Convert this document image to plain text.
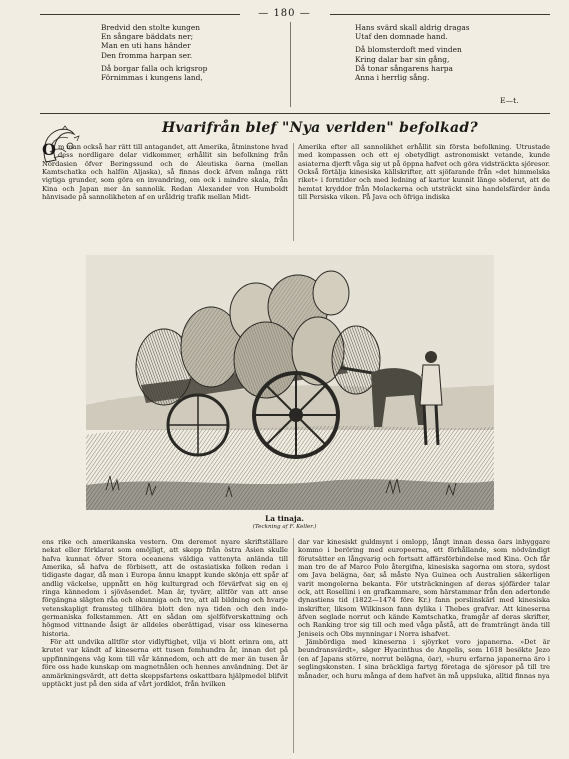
— 180 —
Bredvid den stolte kungen
En sångare bäddats ner;
Man en uti hans händer
Den fromma harpan ser.
Då borgar falla och krigsrop
Förnimmas i kungens land,
Hans svärd skall aldrig dragas
Utaf den domnade hand.
Då blomsterdoft med vinden
Kring dalar bar sin gång,
Då tonar sångarens harpa
Anna i herrlig sång.
E—t.
Hvarifrån blef "Nya verlden" befolkad?

Om man också har rätt till antagandet, att Amerika, åtminstone hvad dess nordligare delar vidkommer, erhållit sin befolkning från Nordasien öfver Beringssund och de Aleutiska öarna (mellan Kamtschatka och halfön Aljaska), så finnas dock äfven många rätt vigtiga grunder, som göra en invandring, om ock i mindre skala, från Kina och Japan mer än sannolik. Redan Alexander von Humboldt hänvisade på sannolikheten af en uråldrig trafik mellan Midt-

Amerika efter all sannolikhet erhållit sin första befolkning. Utrustade med kompassen och ett ej obetydligt astronomiskt vetande, kunde asiaterna djerft våga sig ut på öppna hafvet och göra vidsträckta sjöresor. Också förtälja kinesiska källskrifter, att sjöfarande från »det himmelska riket» i forntider och med ledning af kartor kunnit länge söderut, att de hemtat kryddor från Molackerna och utsträckt sina handelsfärder ända till Persiska viken. På Java och öfriga indiska

La tinaja.
(Teckning af F. Keller.)

ens rike och amerikanska vestern. Om deremot nyare skriftställare nekat eller förklarat som omöjligt, att skepp från östra Asien skulle hafva kunnat öfver Stora oceanens väldiga vattenyta anlända till Amerika, så hafva de förbisett, att de ostasiatiska folken redan i tidigaste dagar, då man i Europa ännu knappt kunde skönja ett spår af andlig väckelse, uppnått en hög kulturgrad och förvärfvat sig en ej ringa kännedom i sjöväsendet. Man är, tyvärr, alltför van att anse förgängna slägten råa och okunniga och tro, att all bildning och hvarje vetenskapligt framsteg tillhöra blott den nya tiden och den indo-germaniska folkstammen. Att en sådan om sjelföfverskattning och högmod vittnande åsigt är alldeles oberättigad, visar oss kineserna historia.

För att undvika alltför stor vidlyftighet, vilja vi blott erinra om, att krutet var kändt af kineserna ett tusen femhundra år, innan det på uppfinningens väg kom till vår kännedom, och att de mer än tusen år före oss hade kunskap om magnetnålen och hennes användning. Det är anmärkningsvärdt, att detta skeppsfartens oskattbara hjälpmedel blifvit upptäckt just på den sida af vårt jordklot, från hvilken

dar var kinesiskt guldmynt i omlopp, långt innan dessa öars inbyggare kommo i beröring med europeerna, ett förhållande, som nödvändigt förutsätter en långvarig och fortsatt affärsförbindelse med Kina. Och får man tro de af Marco Polo återgifna, kinesiska sagorna om stora, sydost om Java belägna, öar, så måste Nya Guinea och Australien säkerligen varit mongolerna bekanta. För utsträckningen af deras sjöfärder talar ock, att Rosellini i en grafkammare, som härstammar från den adertonde dynastiens tid (1822—1474 före Kr.) fann porslinskärl med kinesiska inskrifter, liksom Wilkinson fann dylika i Thebes grafvar. Att kineserna äfven seglade norrut och kände Kamtschatka, framgår af deras skrifter, och Ranking tror sig till och med våga påstå, att de framträngt ända till Jeniseis och Obs mynningar i Norra ishafvet.

Jämbördiga med kineserna i sjöyrket voro japanerna. »Det är beundransvärdt», säger Hyacinthus de Angelis, som 1618 besökte Jezo (en af Japans större, norrut belägna, öar), »huru erfarna japanerna äro i seglingskonsten. I sina bräckliga fartyg företaga de sjöresor på till tre månader, och huru många af dem hafvet än må uppslukа, alltid finnas nya
